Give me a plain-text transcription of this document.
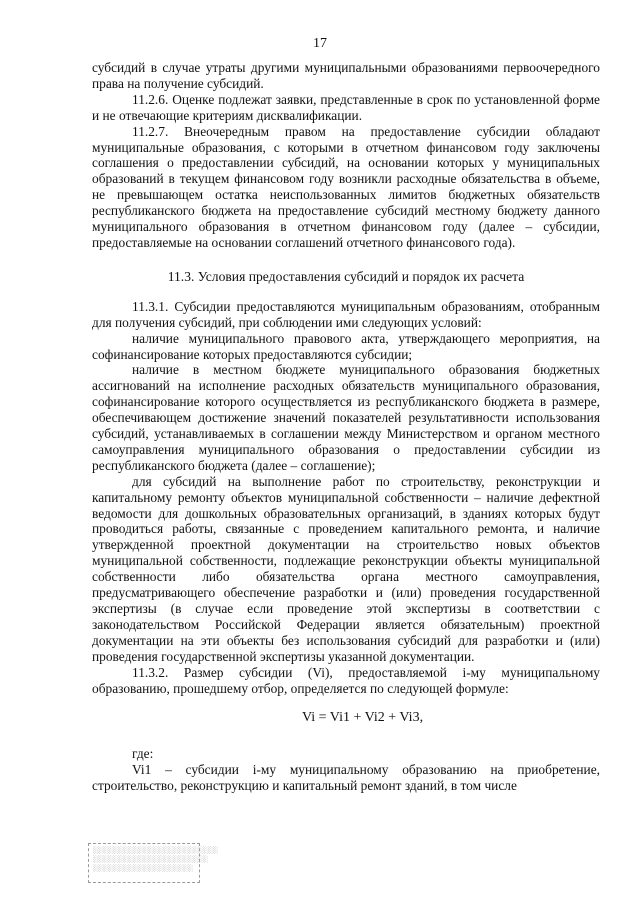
17

субсидий в случае утраты другими муниципальными образованиями первоочередного права на получение субсидий.

11.2.6. Оценке подлежат заявки, представленные в срок по установленной форме и не отвечающие критериям дисквалификации.

11.2.7. Внеочередным правом на предоставление субсидии обладают муниципальные образования, с которыми в отчетном финансовом году заключены соглашения о предоставлении субсидий, на основании которых у муниципальных образований в текущем финансовом году возникли расходные обязательства в объеме, не превышающем остатка неиспользованных лимитов бюджетных обязательств республиканского бюджета на предоставление субсидий местному бюджету данного муниципального образования в отчетном финансовом году (далее – субсидии, предоставляемые на основании соглашений отчетного финансового года).

11.3. Условия предоставления субсидий и порядок их расчета

11.3.1. Субсидии предоставляются муниципальным образованиям, отобранным для получения субсидий, при соблюдении ими следующих условий:

наличие муниципального правового акта, утверждающего мероприятия, на софинансирование которых предоставляются субсидии;

наличие в местном бюджете муниципального образования бюджетных ассигнований на исполнение расходных обязательств муниципального образования, софинансирование которого осуществляется из республиканского бюджета в размере, обеспечивающем достижение значений показателей результативности использования субсидий, устанавливаемых в соглашении между Министерством и органом местного самоуправления муниципального образования о предоставлении субсидии из республиканского бюджета (далее – соглашение);

для субсидий на выполнение работ по строительству, реконструкции и капитальному ремонту объектов муниципальной собственности – наличие дефектной ведомости для дошкольных образовательных организаций, в зданиях которых будут проводиться работы, связанные с проведением капитального ремонта, и наличие утвержденной проектной документации на строительство новых объектов муниципальной собственности, подлежащие реконструкции объекты муниципальной собственности либо обязательства органа местного самоуправления, предусматривающего обеспечение разработки и (или) проведения государственной экспертизы (в случае если проведение этой экспертизы в соответствии с законодательством Российской Федерации является обязательным) проектной документации на эти объекты без использования субсидий для разработки и (или) проведения государственной экспертизы указанной документации.

11.3.2. Размер субсидии (Vi), предоставляемой i-му муниципальному образованию, прошедшему отбор, определяется по следующей формуле:

Vi = Vi1 + Vi2 + Vi3,

где:

Vi1 – субсидии i-му муниципальному образованию на приобретение, строительство, реконструкцию и капитальный ремонт зданий, в том числе

░░░░░░░░░░░░░░░░░░░░░░░░░
░░░░░░░░░░░░░░░░░░░░░░░
░░░░░░░░░░░░░░░░░░░░
